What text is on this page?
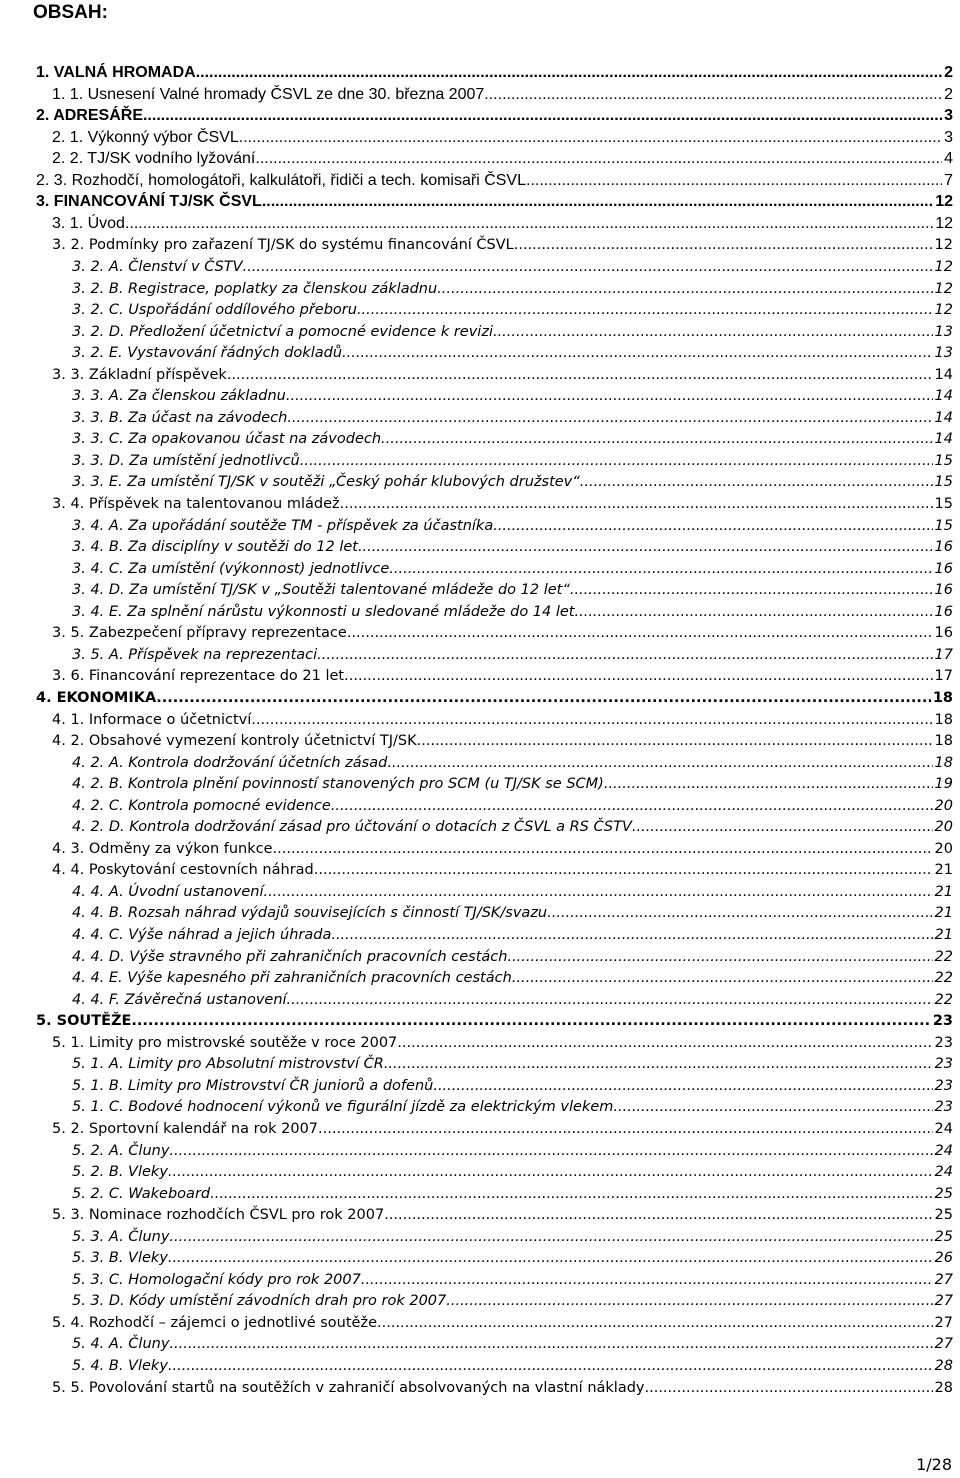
OBSAH:
1. VALNÁ HROMADA .....	2
1. 1. Usnesení Valné hromady ČSVL ze dne 30. března 2007 .....	2
2. ADRESÁŘE .....	3
2. 1. Výkonný výbor ČSVL .....	3
2. 2. TJ/SK vodního lyžování .....	4
2. 3. Rozhodčí, homologátoři, kalkulátoři, řidiči a tech. komisaři ČSVL .....	7
3. FINANCOVÁNÍ TJ/SK ČSVL .....	12
3. 1. Úvod .....	12
3. 2. Podmínky pro zařazení TJ/SK do systému financování ČSVL .....	12
3. 2. A. Členství v ČSTV .....	12
3. 2. B. Registrace, poplatky za členskou základnu .....	12
3. 2. C. Uspořádání oddílového přeboru .....	12
3. 2. D. Předložení účetnictví a pomocné evidence k revizi .....	13
3. 2. E. Vystavování řádných dokladů .....	13
3. 3. Základní příspěvek .....	14
3. 3. A. Za členskou základnu .....	14
3. 3. B. Za účast na závodech .....	14
3. 3. C. Za opakovanou účast na závodech .....	14
3. 3. D. Za umístění jednotlivců .....	15
3. 3. E. Za umístění TJ/SK v soutěži „Český pohár klubových družstev“ .....	15
3. 4. Příspěvek na talentovanou mládež .....	15
3. 4. A. Za upořádání soutěže TM - příspěvek za účastníka .....	15
3. 4. B. Za disciplíny v soutěži do 12 let .....	16
3. 4. C. Za umístění (výkonnost) jednotlivce .....	16
3. 4. D. Za umístění TJ/SK v „Soutěži talentované mládeže do 12 let“ .....	16
3. 4. E. Za splnění nárůstu výkonnosti u sledované mládeže do 14 let .....	16
3. 5. Zabezpečení přípravy reprezentace .....	16
3. 5. A. Příspěvek na reprezentaci .....	17
3. 6. Financování reprezentace do 21 let .....	17
4. EKONOMIKA .....	18
4. 1. Informace o účetnictví .....	18
4. 2. Obsahové vymezení kontroly účetnictví TJ/SK .....	18
4. 2. A. Kontrola dodržování účetních zásad .....	18
4. 2. B. Kontrola plnění povinností stanovených pro SCM (u TJ/SK se SCM) .....	19
4. 2. C. Kontrola pomocné evidence .....	20
4. 2. D. Kontrola dodržování zásad pro účtování o dotacích z ČSVL a RS ČSTV .....	20
4. 3. Odměny za výkon funkce .....	20
4. 4. Poskytování cestovních náhrad .....	21
4. 4. A. Úvodní ustanovení .....	21
4. 4. B. Rozsah náhrad výdajů souvisejících s činností TJ/SK/svazu .....	21
4. 4. C. Výše náhrad a jejich úhrada .....	21
4. 4. D. Výše stravného při zahraničních pracovních cestách .....	22
4. 4. E. Výše kapesného při zahraničních pracovních cestách .....	22
4. 4. F. Závěrečná ustanovení .....	22
5. SOUTĚŽE .....	23
5. 1. Limity pro mistrovské soutěže v roce 2007 .....	23
5. 1. A. Limity pro Absolutní mistrovství ČR .....	23
5. 1. B. Limity pro Mistrovství ČR juniorů a dofenů .....	23
5. 1. C. Bodové hodnocení výkonů ve figurální jízdě za elektrickým vlekem .....	23
5. 2. Sportovní kalendář na rok 2007 .....	24
5. 2. A. Čluny .....	24
5. 2. B. Vleky .....	24
5. 2. C. Wakeboard .....	25
5. 3. Nominace rozhodčích ČSVL pro rok 2007 .....	25
5. 3. A. Čluny .....	25
5. 3. B. Vleky .....	26
5. 3. C. Homologační kódy pro rok 2007 .....	27
5. 3. D. Kódy umístění závodních drah pro rok 2007 .....	27
5. 4. Rozhodčí – zájemci o jednotlivé soutěže .....	27
5. 4. A. Čluny .....	27
5. 4. B. Vleky .....	28
5. 5. Povolování startů na soutěžích v zahraničí absolvovaných na vlastní náklady .....	28
1/28
